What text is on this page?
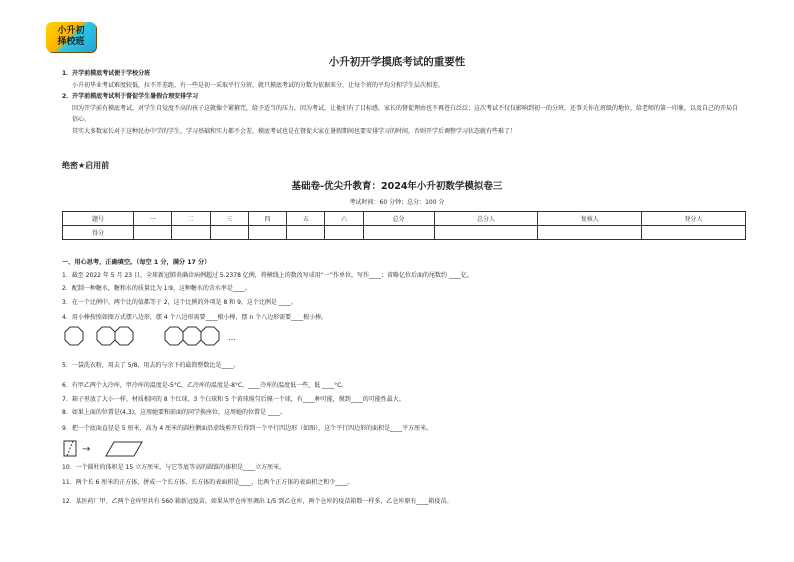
小升初
择校班
小升初开学摸底考试的重要性

1．开学前摸底考试便于学校分班

小升初毕业考试难度较低，拉不开差距，有一些是初一采取平行分班，就只摸底考试的分数为依据来分，让每个班的平均分和学生层次相差。

2．开学前摸底考试利于督促学生暑假合理安排学习

因为开学前有摸底考试，对学生自觉度不高的孩子这就像个紧箍咒，给予适当的压力。因为考试，让他们有了目标感，家长的督促理由也不再苍白泛泛；这次考试不仅仅影响到初一的分班，还事关你在班级的地位，给老师的第一印象，以及自己的开局自信心。

其实大多数家长对于这种民办中学的学生，学习基础和实力都不会差，摸底考试也是在督促大家在暑假期间也要安排学习的时间，否则开学后调整学习状态就有些难了！

绝密★启用前
基础卷-优尖升教育：2024年小升初数学模拟卷三
考试时间：60 分钟；总分：100 分
题号	一	二	三	四	五	六	总分	总分人	复核人	登分人
得分										
一、用心思考，正确填空。（每空 1 分，满分 17 分）
1．截至 2022 年 5 月 23 日，全球新冠肺炎确诊病例超过 5.2378 亿例，将横线上的数改写成用“一”作单位，写作____；省略亿位后面的尾数约 ____亿。
2．配制一种糖水，糖和水的质量比为 1∶9，这种糖水的含水率是____。
3．在一个比例中，两个比的值都等于 2，这个比例的外项是 8 和 9，这个比例是 ____。
4．用小棒按照如图方式摆八边形，摆 4 个八边形需要____根小棒，摆 n 个八边形需要____根小棒。
5．一袋洗衣粉，用去了 5/8，用去的与余下的最简整数比是____。
6．有甲乙两个大冷库，甲冷库的温度是-5°C，乙冷库的温度是-8°C，____冷库的温度低一些，低 ____°C。
7．箱子里放了大小一样、材质相同的 8 个红球、3 个白球和 5 个黄球搅匀后摸一个球，有____种可能，摸到____的可能性最大。
8．如果上面的位置是(4,3)，这周她要和前面的同学换座位，这周她的位置是 ____。
9．把一个底面直径是 5 厘米，高为 4 厘米的圆柱侧面沿虚线剪开后得到一个平行四边形（如图），这个平行四边形的面积是____平方厘米。
10．一个圆柱的体积是 15 立方厘米，与它等底等高的圆锥的体积是____立方厘米。
11．两个长 6 厘米的正方体，拼成一个长方体，长方体的表面积是____，比两个正方体的表面积之和少____。
12．某医药厂甲、乙两个仓库里共有 560 箱新冠疫苗，如果从甲仓库里调出 1/5 到乙仓库，两个仓库的疫苗箱数一样多，乙仓库原有____箱疫苗。
…
→
